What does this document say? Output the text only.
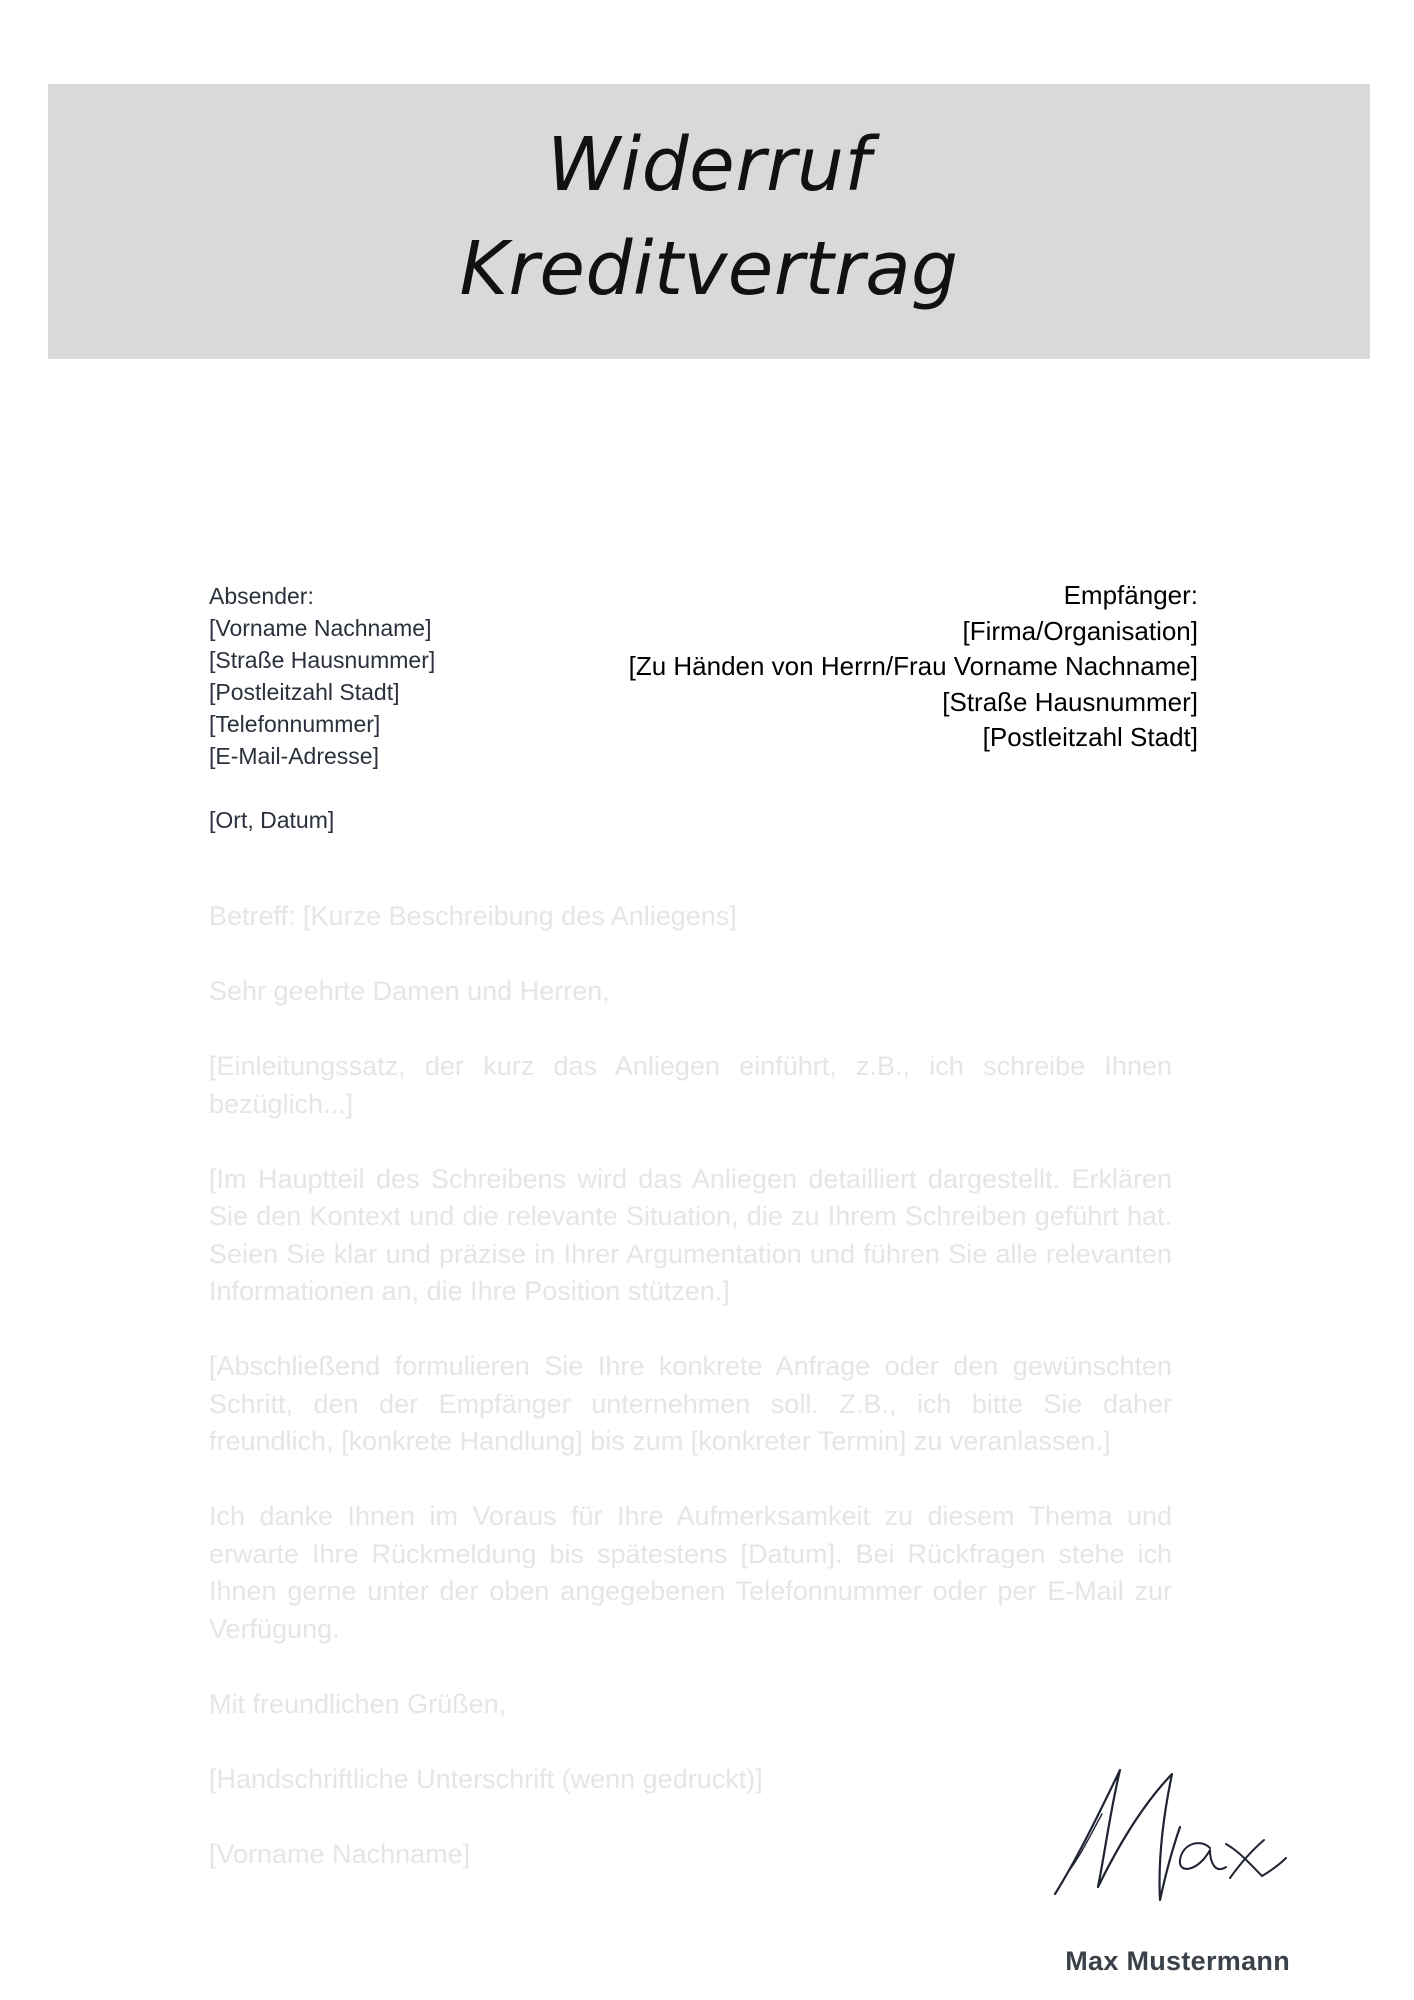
Widerruf
Kreditvertrag
Absender:
[Vorname Nachname]
[Straße Hausnummer]
[Postleitzahl Stadt]
[Telefonnummer]
[E-Mail-Adresse]
[Ort, Datum]
Empfänger:
[Firma/Organisation]
[Zu Händen von Herrn/Frau Vorname Nachname]
[Straße Hausnummer]
[Postleitzahl Stadt]

Betreff: [Kurze Beschreibung des Anliegens]

Sehr geehrte Damen und Herren,

[Einleitungssatz, der kurz das Anliegen einführt, z.B., ich schreibe Ihnen bezüglich...]

[Im Hauptteil des Schreibens wird das Anliegen detailliert dargestellt. Erklären Sie den Kontext und die relevante Situation, die zu Ihrem Schreiben geführt hat. Seien Sie klar und präzise in Ihrer Argumentation und führen Sie alle relevanten Informationen an, die Ihre Position stützen.]

[Abschließend formulieren Sie Ihre konkrete Anfrage oder den gewünschten Schritt, den der Empfänger unternehmen soll. Z.B., ich bitte Sie daher freundlich, [konkrete Handlung] bis zum [konkreter Termin] zu veranlassen.]

Ich danke Ihnen im Voraus für Ihre Aufmerksamkeit zu diesem Thema und erwarte Ihre Rückmeldung bis spätestens [Datum]. Bei Rückfragen stehe ich Ihnen gerne unter der oben angegebenen Telefonnummer oder per E-Mail zur Verfügung.

Mit freundlichen Grüßen,

[Handschriftliche Unterschrift (wenn gedruckt)]

[Vorname Nachname]

Max Mustermann
